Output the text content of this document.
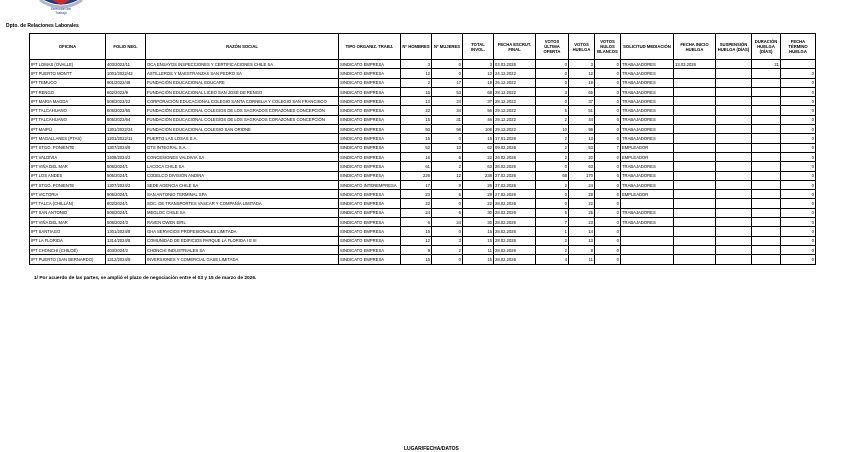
Dirección del
Trabajo
Dpto. de Relaciones Laborales
OFICINA	FOLIO NEG.	RAZÓN SOCIAL	TIPO ORGANIZ. TRABJ.	N° HOMBRES	N° MUJERES	TOTAL INVOL.	FECHA ESCRUT. FINAL	VOTOS ÚLTIMA OFERTA	VOTOS HUELGA	VOTOS NULOS BLANCOS	SOLICITUD MEDIACIÓN	FECHA INICIO HUELGA	SUSPENSIÓN HUELGA (DÍAS)	DURACIÓN HUELGA (DÍAS)	FECHA TÉRMINO HUELGA
IPT LOMAS (OVALLE)	403/2022/11	OCA ENSAYOS INSPECCIONES Y CERTIFICACIONES CHILE SA	SINDICATO EMPRESA	3	0	3	03.03.2026	0	3	0	TRABAJADORES	13.03.2026		21	
IPT PUERTO MONTT	1001/2022/42	ASTILLEROS Y MAESTRANZAS SAN PEDRO SA	SINDICATO EMPRESA	12	0	12	24.12.2022	0	12	0	TRABAJADORES				0
IPT TEMUCO	901/2022/48	FUNDACIÓN EDUCACIONAL EDUCARE	SINDICATO EMPRESA	2	17	19	25.12.2022	0	19	0	TRABAJADORES				0
IPT RENGO	602/2022/9	FUNDACIÓN EDUCACIONAL LICEO SAN JOSÉ DE RENGO	SINDICATO EMPRESA	15	53	68	28.12.2022	3	65	0	TRABAJADORES				0
IPT MARIA MAGDA	508/2022/22	CORPORACIÓN EDUCACIONAL COLEGIO SANTA CORNELIA Y COLEGIO SAN FRANCISCO	SINDICATO EMPRESA	13	24	37	28.12.2022	0	37	0	TRABAJADORES				0
IPT TALCAHUANO	805/2022/65	FUNDACIÓN EDUCACIONAL COLEGIOS DE LOS SAGRADOS CORAZONES CONCEPCIÓN	SINDICATO EMPRESA	22	34	56	29.12.2022	5	51	0	TRABAJADORES				0
IPT TALCAHUANO	805/2022/64	FUNDACIÓN EDUCACIONAL COLEGIOS DE LOS SAGRADOS CORAZONES CONCEPCIÓN	SINDICATO EMPRESA	15	31	46	29.12.2022	2	44	0	TRABAJADORES				0
IPT MAIPÚ	1301/2022/24	FUNDACIÓN EDUCACIONAL COLEGIO SAN ORIONE	SINDICATO EMPRESA	50	56	106	29.12.2022	10	96	0	TRABAJADORES				0
IPT MAGALLANES (PTAS)	1201/2022/11	PUERTO LAS LOSAS S.A.	SINDICATO EMPRESA	15	0	15	17.01.2026	2	13	0	TRABAJADORES				0
IPT STGO. PONIENTE	1307/2024/9	GTS INTEGRAL S.A.	SINDICATO EMPRESA	52	10	62	09.02.2026	2	53	7	EMPLEADOR				0
IPT VALDIVIA	1408/2024/3	CONCESIONES VALDIVIA SA	SINDICATO EMPRESA	16	6	22	26.02.2026	2	20	0	EMPLEADOR				0
IPT VIÑA DEL MAR	506/2024/1	LACOCA CHILE SA	SINDICATO EMPRESA	61	2	63	26.02.2026	0	63	0	TRABAJADORES				0
IPT LOS ANDES	505/2024/1	CODELCO DIVISIÓN ANDINA	SINDICATO EMPRESA	226	12	238	27.02.2026	68	170	0	TRABAJADORES				0
IPT STGO. PONIENTE	1307/2024/2	SEDE AGENCIA CHILE SA	SINDICATO INTEREMPRESA	17	9	26	27.02.2026	2	24	0	TRABAJADORES				0
IPT VICTORIA	905/2024/1	SAN ANTONIO TERMINAL SPA	SINDICATO EMPRESA	23	6	29	27.02.2026	0	29	0	EMPLEADOR				0
IPT TALCA (CHILLÁN)	802/2024/1	SOC. DE TRANSPORTES VASCAR Y COMPAÑÍA LIMITADA	SINDICATO EMPRESA	22	0	22	28.02.2026	0	22	0					0
IPT SAN ANTONIO	506/2024/1	MEGLOC CHILE SA	SINDICATO EMPRESA	24	6	30	28.02.2026	5	25	0	TRABAJADORES				0
IPT VIÑA DEL MAR	506/2024/3	RAVEN OWEN EIRL	SINDICATO EMPRESA	6	24	30	28.02.2026	7	23	0	TRABAJADORES				0
IPT SANTIAGO	1301/2024/8	GHA SERVICIOS PROFESIONALES LIMITADA	SINDICATO EMPRESA	15	0	15	28.02.2026	1	14	0					0
IPT LA FLORIDA	1314/2024/8	COMUNIDAD DE EDIFICIOS PARQUE LA FLORIDA I E III	SINDICATO EMPRESA	12	3	15	28.02.2026	2	13	0					0
IPT CHONCHI (CHILOÉ)	403/2024/2	CHONCHI INDUSTRIALES SA	SINDICATO EMPRESA	9	2	11	28.02.2026	2	9	0					0
IPT PUERTO (SAN BERNARDO)	1312/2024/8	INVERSIONES Y COMERCIAL GASE LIMITADA	SINDICATO EMPRESA	15	0	15	28.02.2026	4	11	0					0
1/ Por acuerdo de las partes, se amplió el plazo de negociación entre el 03 y 15 de marzo de 2026.
LUGAR/FECHA/DATOS
